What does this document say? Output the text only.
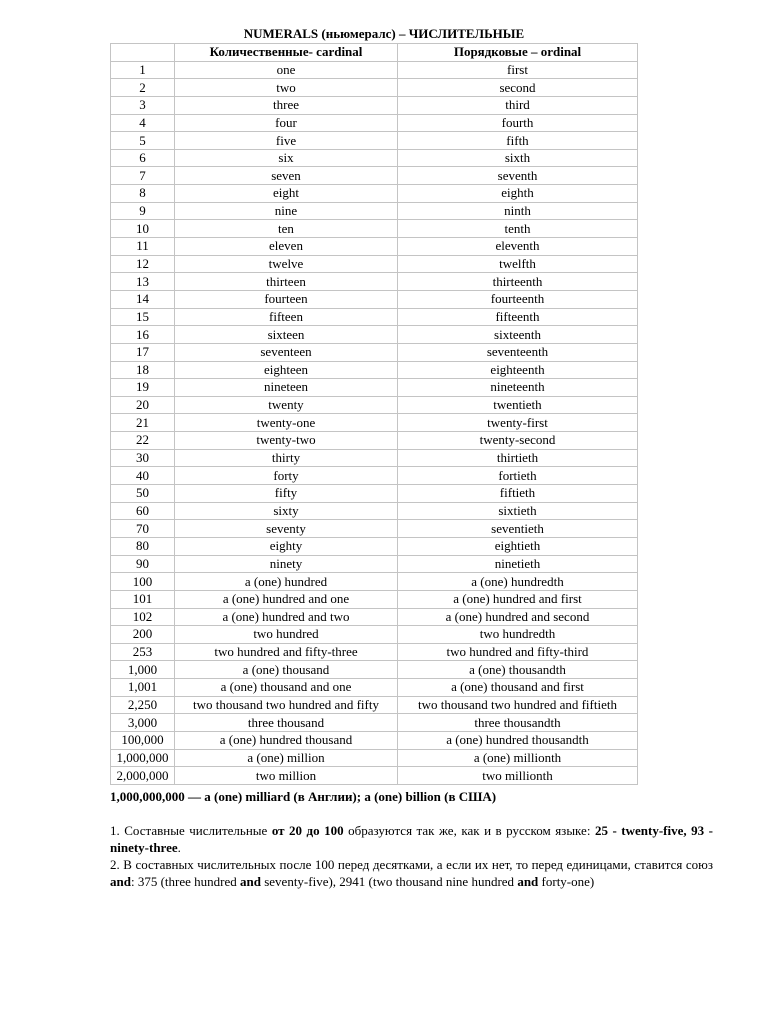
NUMERALS (ньюмералс) – ЧИСЛИТЕЛЬНЫЕ
	Количественные- cardinal	Порядковые – ordinal
1	one	first
2	two	second
3	three	third
4	four	fourth
5	five	fifth
6	six	sixth
7	seven	seventh
8	eight	eighth
9	nine	ninth
10	ten	tenth
11	eleven	eleventh
12	twelve	twelfth
13	thirteen	thirteenth
14	fourteen	fourteenth
15	fifteen	fifteenth
16	sixteen	sixteenth
17	seventeen	seventeenth
18	eighteen	eighteenth
19	nineteen	nineteenth
20	twenty	twentieth
21	twenty-one	twenty-first
22	twenty-two	twenty-second
30	thirty	thirtieth
40	forty	fortieth
50	fifty	fiftieth
60	sixty	sixtieth
70	seventy	seventieth
80	eighty	eightieth
90	ninety	ninetieth
100	a (one) hundred	a (one) hundredth
101	a (one) hundred and one	a (one) hundred and first
102	a (one) hundred and two	a (one) hundred and second
200	two hundred	two hundredth
253	two hundred and fifty-three	two hundred and fifty-third
1,000	a (one) thousand	a (one) thousandth
1,001	a (one) thousand and one	a (one) thousand and first
2,250	two thousand two hundred and fifty	two thousand two hundred and fiftieth
3,000	three thousand	three thousandth
100,000	a (one) hundred thousand	a (one) hundred thousandth
1,000,000	a (one) million	a (one) millionth
2,000,000	two million	two millionth
1,000,000,000 — a (one) milliard (в Англии); a (one) billion (в США)

1. Составные числительные от 20 до 100 образуются так же, как и в русском языке: 25 - twenty-five, 93 - ninety-three.

2. В составных числительных после 100 перед десятками, а если их нет, то перед единицами, ставится союз and: 375 (three hundred and seventy-five), 2941 (two thousand nine hundred and forty-one)
